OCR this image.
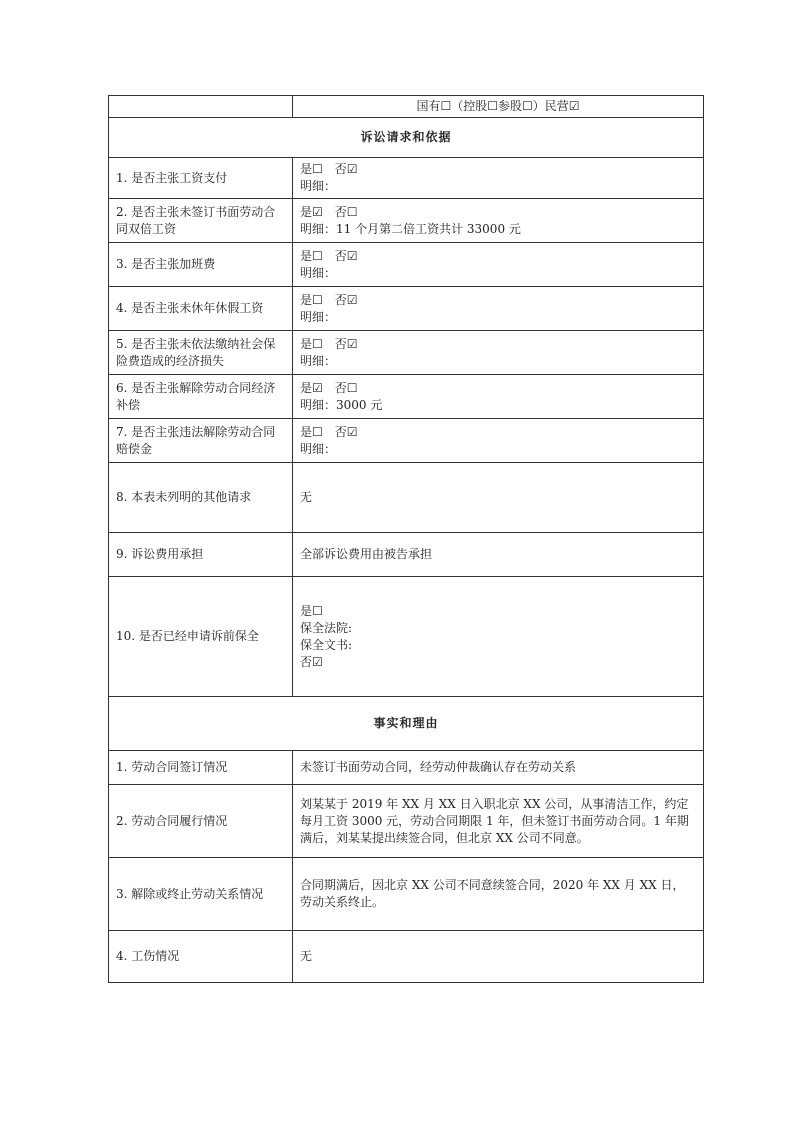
	国有☐（控股☐参股☐）民营☑
诉讼请求和依据	
1. 是否主张工资支付	是☐　否☑
明细：

2. 是否主张未签订书面劳动合同双倍工资	是☑　否☐
明细：11 个月第二倍工资共计 33000 元

3. 是否主张加班费	是☐　否☑
明细：

4. 是否主张未休年休假工资	是☐　否☑
明细：

5. 是否主张未依法缴纳社会保险费造成的经济损失	是☐　否☑
明细：

6. 是否主张解除劳动合同经济补偿	是☑　否☐
明细：3000 元

7. 是否主张违法解除劳动合同赔偿金	是☐　否☑
明细：

8. 本表未列明的其他请求	无
9. 诉讼费用承担	全部诉讼费用由被告承担
10. 是否已经申请诉前保全	是☐
保全法院:
保全文书:
否☑

事实和理由	
1. 劳动合同签订情况	未签订书面劳动合同，经劳动仲裁确认存在劳动关系
2. 劳动合同履行情况	刘某某于 2019 年 XX 月 XX 日入职北京 XX 公司，从事清洁工作，约定每月工资 3000 元，劳动合同期限 1 年，但未签订书面劳动合同。1 年期满后，刘某某提出续签合同，但北京 XX 公司不同意。
3. 解除或终止劳动关系情况	合同期满后，因北京 XX 公司不同意续签合同，2020 年 XX 月 XX 日，劳动关系终止。
4. 工伤情况	无
